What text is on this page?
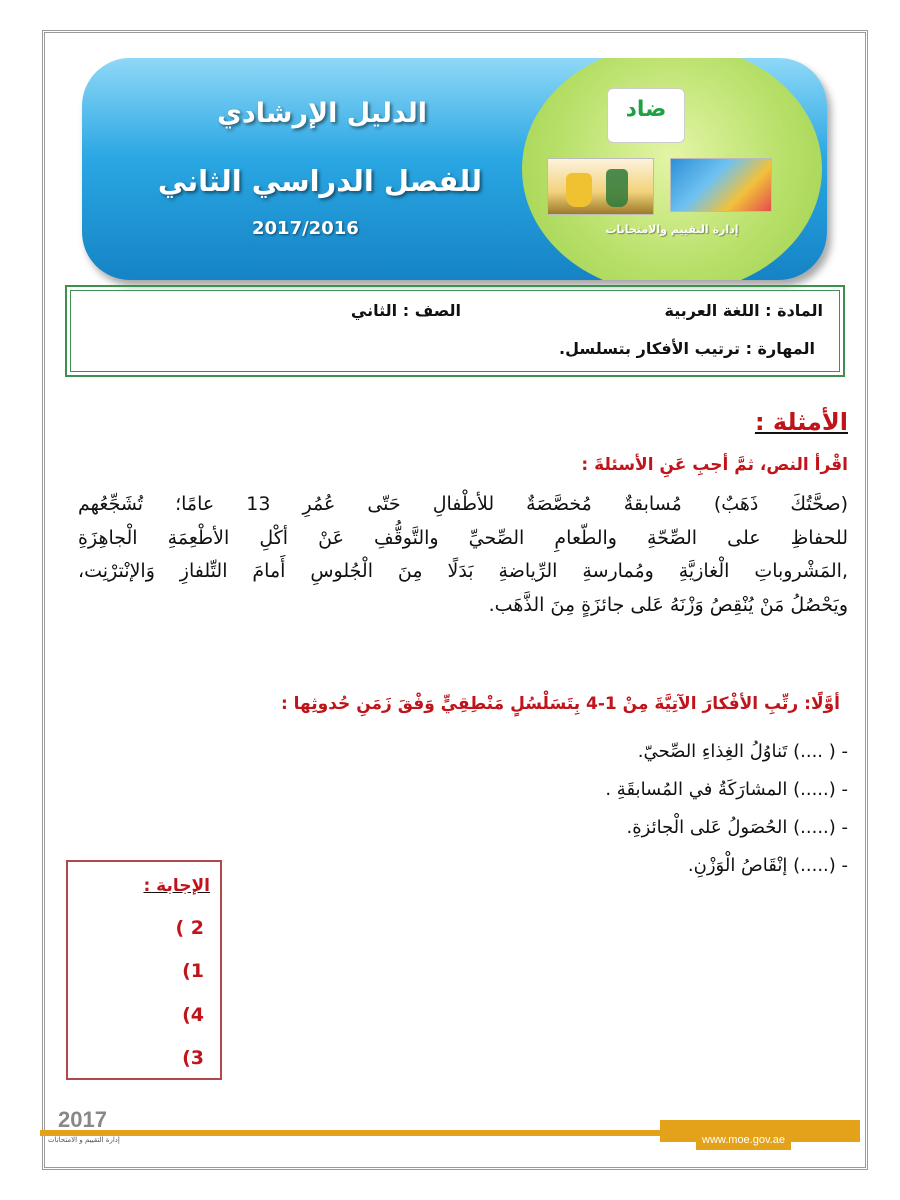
الدليل الإرشادي
للفصل الدراسي الثاني
2017/2016
ضاد
إدارة التقييم والامتحانات
المادة : اللغة العربية
الصف : الثاني
المهارة : ترتيب الأفكار بتسلسل.
الأمثلة :
اقْرأ النص، ثمَّ أجبِ عَنِ الأسئلةَ :

(صحَّتُكَ ذَهَبٌ) مُسابقةٌ مُخصَّصَةٌ للأطْفالِ حَتّى عُمُرِ 13 عامًا؛ تُشَجِّعُهم

للحفاظِ على الصِّحّةِ والطّعامِ الصِّحيِّ والتَّوقُّفِ عَنْ أكْلِ الأطْعِمَةِ الْجاهِزَةِ

,المَشْروباتِ الْغازيَّةِ ومُمارسةِ الرِّياضةِ بَدَلًا مِنَ الْجُلوسِ أَمامَ التِّلفازِ وَالإنْترْنِت،

ويَحْصُلُ مَنْ يُنْقِصُ وَزْنَهُ عَلى جائزَةٍ مِنَ الذَّهَب.

أوَّلًا: رتِّبِ الأفْكارَ الآتِيَّةَ مِنْ 1-4 بِتَسَلْسُلٍ مَنْطِقِيٍّ وَفْقَ زَمَنِ حُدوثِها :
- ( ....) تَناوُلُ الغِذاءِ الصِّحيّ.
- (.....) المشارَكَةُ في المُسابقَةِ .
- (.....) الحُصَولُ عَلى الْجائزةِ.
- (.....) إنْقَاصُ الْوَزْنِ.
الإجابة :
( 2
(1
(4
(3
2017
إدارة التقييم و الامتحانات	www.moe.gov.ae
